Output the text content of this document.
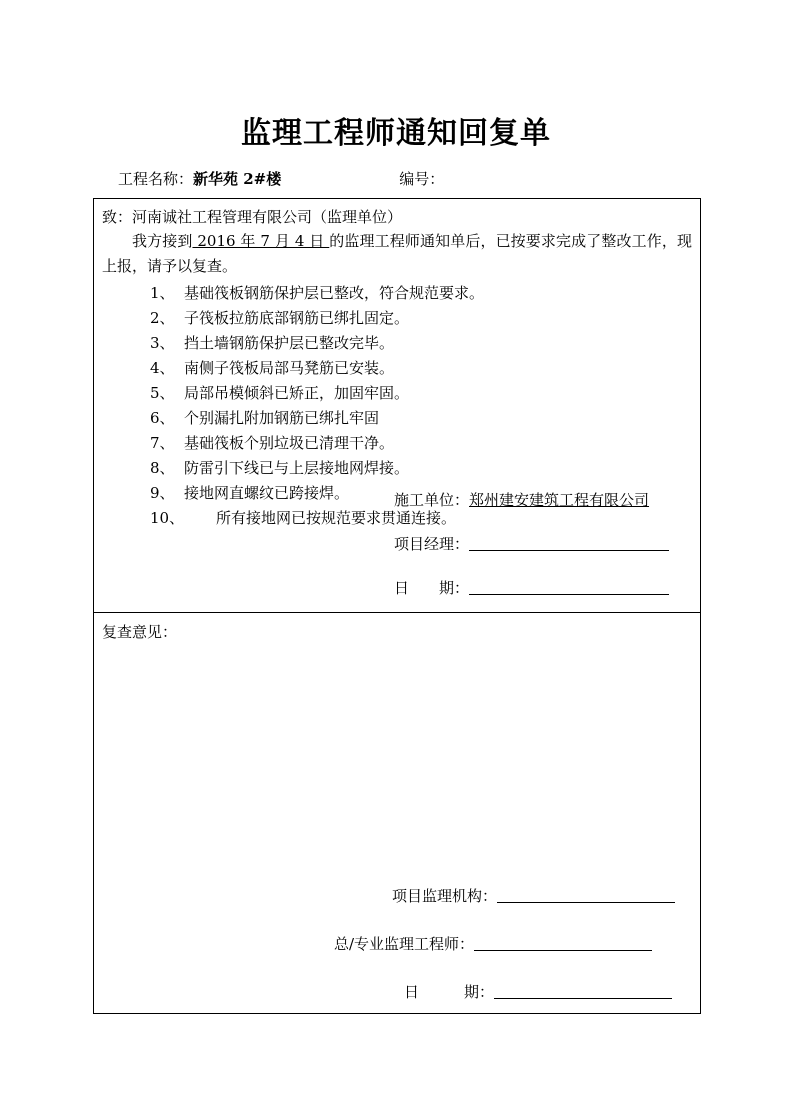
监理工程师通知回复单
工程名称：新华苑 2#楼	编号：

致：河南诚社工程管理有限公司（监理单位）

我方接到 2016 年 7 月 4 日 的监理工程师通知单后，已按要求完成了整改工作，现上报，请予以复查。

1、 基础筏板钢筋保护层已整改，符合规范要求。
2、 子筏板拉筋底部钢筋已绑扎固定。
3、 挡土墙钢筋保护层已整改完毕。
4、 南侧子筏板局部马凳筋已安装。
5、 局部吊模倾斜已矫正，加固牢固。
6、 个别漏扎附加钢筋已绑扎牢固
7、 基础筏板个别垃圾已清理干净。
8、 防雷引下线已与上层接地网焊接。
9、 接地网直螺纹已跨接焊。
10、 所有接地网已按规范要求贯通连接。
施工单位：郑州建安建筑工程有限公司
项目经理：
日　　期：

复查意见：

项目监理机构：
总/专业监理工程师：
日　　　期：
